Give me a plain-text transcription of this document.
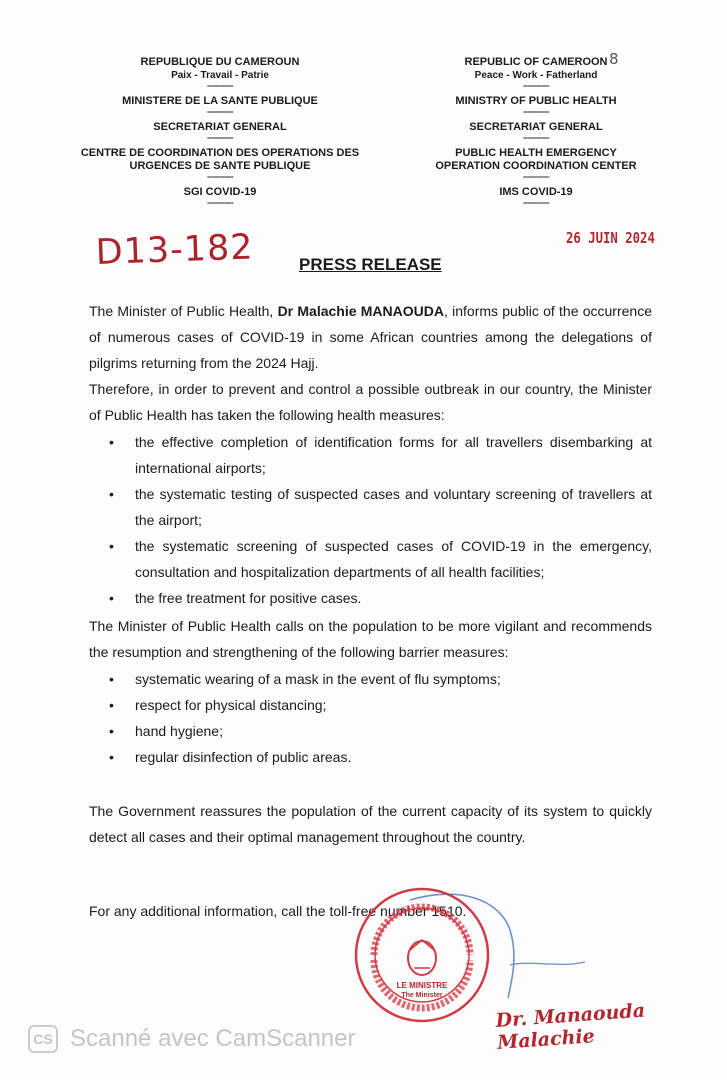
REPUBLIQUE DU CAMEROUN
Paix - Travail - Patrie
------------
MINISTERE DE LA SANTE PUBLIQUE
------------
SECRETARIAT GENERAL
------------
CENTRE DE COORDINATION DES OPERATIONS DES
URGENCES DE SANTE PUBLIQUE
------------
SGI COVID-19
------------
REPUBLIC OF CAMEROON
Peace - Work - Fatherland
------------
MINISTRY OF PUBLIC HEALTH
------------
SECRETARIAT GENERAL
------------
PUBLIC HEALTH EMERGENCY
OPERATION COORDINATION CENTER
------------
IMS COVID-19
------------
8
D13-182	26 JUIN 2024
PRESS RELEASE

The Minister of Public Health, Dr Malachie MANAOUDA, informs public of the occurrence of numerous cases of COVID-19 in some African countries among the delegations of pilgrims returning from the 2024 Hajj.

Therefore, in order to prevent and control a possible outbreak in our country, the Minister of Public Health has taken the following health measures:

• the effective completion of identification forms for all travellers disembarking at international airports;
• the systematic testing of suspected cases and voluntary screening of travellers at the airport;
• the systematic screening of suspected cases of COVID-19 in the emergency, consultation and hospitalization departments of all health facilities;
• the free treatment for positive cases.

The Minister of Public Health calls on the population to be more vigilant and recommends the resumption and strengthening of the following barrier measures:

• systematic wearing of a mask in the event of flu symptoms;
• respect for physical distancing;
• hand hygiene;
• regular disinfection of public areas.

The Government reassures the population of the current capacity of its system to quickly detect all cases and their optimal management throughout the country.

For any additional information, call the toll-free number 1510.
LE MINISTRE
The Minister
Dr. Manaouda Malachie
CS Scanné avec CamScanner
